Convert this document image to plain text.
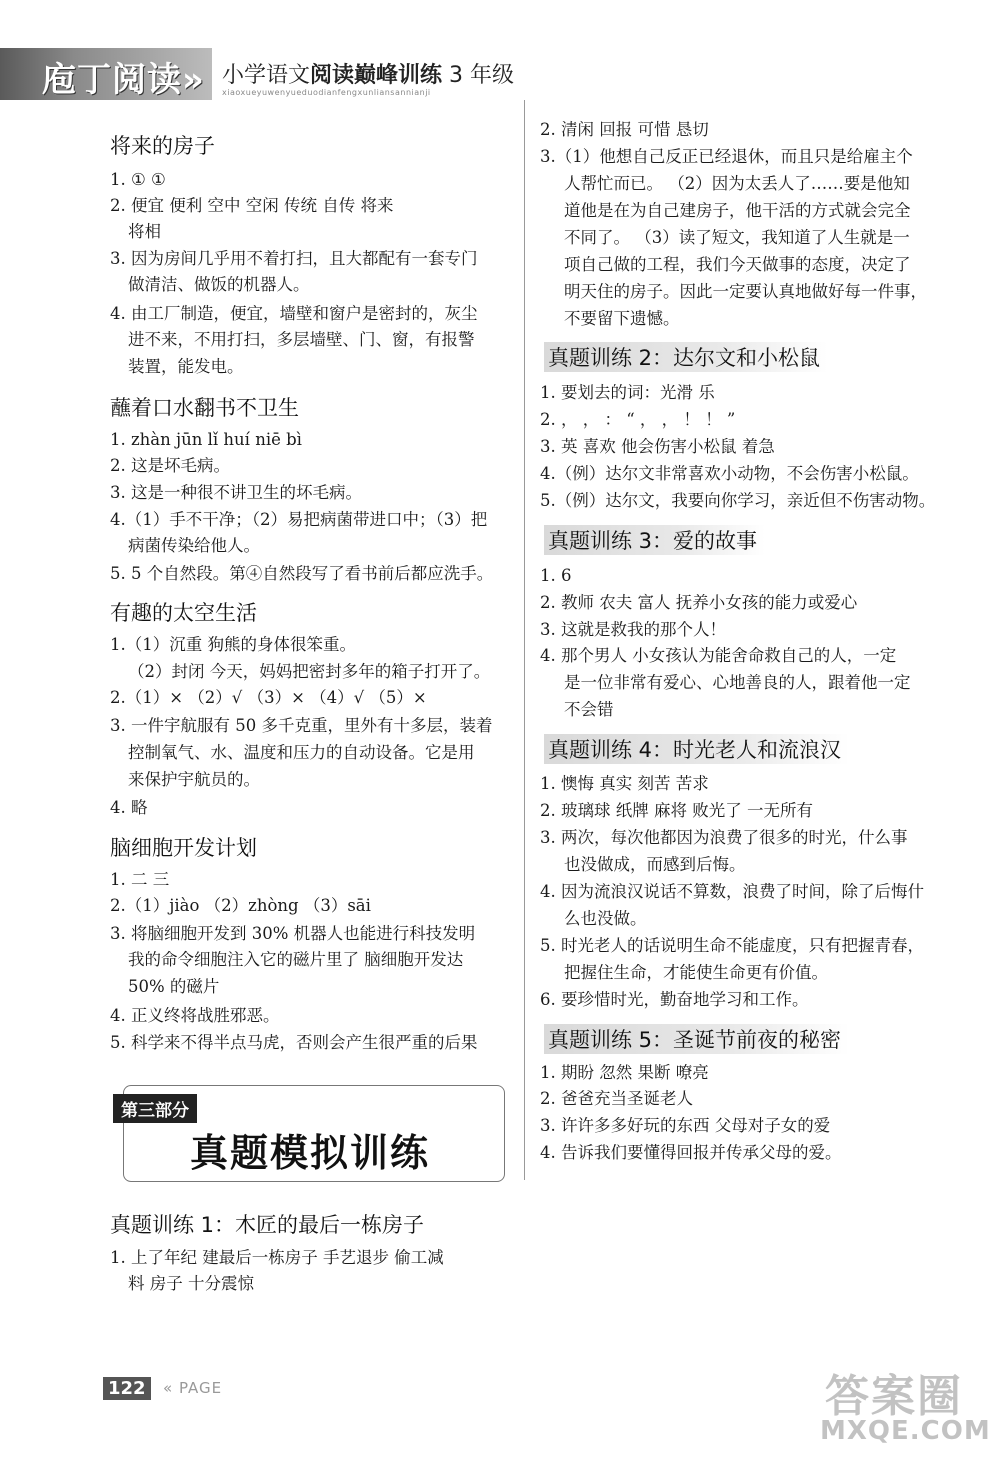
庖丁阅读» 小学语文阅读巅峰训练 3 年级
xiaoxueyuwenyueduodianfengxunliansannianji
将来的房子
1. ① ①
2. 便宜 便利 空中 空闲 传统 自传 将来
将相
3. 因为房间几乎用不着打扫，且大都配有一套专门
做清洁、做饭的机器人。
4. 由工厂制造，便宜，墙壁和窗户是密封的，灰尘
进不来，不用打扫，多层墙壁、门、窗，有报警
装置，能发电。
蘸着口水翻书不卫生
1. zhàn jūn lǐ huí niē bì
2. 这是坏毛病。
3. 这是一种很不讲卫生的坏毛病。
4.（1）手不干净；（2）易把病菌带进口中；（3）把
病菌传染给他人。
5. 5 个自然段。第④自然段写了看书前后都应洗手。
有趣的太空生活
1.（1）沉重 狗熊的身体很笨重。
（2）封闭 今天，妈妈把密封多年的箱子打开了。
2.（1）× （2）√ （3）× （4）√ （5）×
3. 一件宇航服有 50 多千克重，里外有十多层，装着
控制氧气、水、温度和压力的自动设备。它是用
来保护宇航员的。
4. 略
脑细胞开发计划
1. 二 三
2.（1）jiào （2）zhòng （3）sāi
3. 将脑细胞开发到 30% 机器人也能进行科技发明
我的命令细胞注入它的磁片里了 脑细胞开发达
50% 的磁片
4. 正义终将战胜邪恶。
5. 科学来不得半点马虎，否则会产生很严重的后果
第三部分
真题模拟训练
真题训练 1：木匠的最后一栋房子
1. 上了年纪 建最后一栋房子 手艺退步 偷工减
料 房子 十分震惊
2. 清闲 回报 可惜 恳切
3.（1）他想自己反正已经退休，而且只是给雇主个
人帮忙而已。 （2）因为太丢人了……要是他知
道他是在为自己建房子，他干活的方式就会完全
不同了。 （3）读了短文，我知道了人生就是一
项自己做的工程，我们今天做事的态度，决定了
明天住的房子。因此一定要认真地做好每一件事，
不要留下遗憾。
真题训练 2：达尔文和小松鼠
1. 要划去的词：光滑 乐
2. ， ， ： “ ， ， ！ ！ ”
3. 英 喜欢 他会伤害小松鼠 着急
4.（例）达尔文非常喜欢小动物，不会伤害小松鼠。
5.（例）达尔文，我要向你学习，亲近但不伤害动物。
真题训练 3：爱的故事
1. 6
2. 教师 农夫 富人 抚养小女孩的能力或爱心
3. 这就是救我的那个人！
4. 那个男人 小女孩认为能舍命救自己的人，一定
是一位非常有爱心、心地善良的人，跟着他一定
不会错
真题训练 4：时光老人和流浪汉
1. 懊悔 真实 刻苦 苦求
2. 玻璃球 纸牌 麻将 败光了 一无所有
3. 两次，每次他都因为浪费了很多的时光，什么事
也没做成，而感到后悔。
4. 因为流浪汉说话不算数，浪费了时间，除了后悔什
么也没做。
5. 时光老人的话说明生命不能虚度，只有把握青春，
把握住生命，才能使生命更有价值。
6. 要珍惜时光，勤奋地学习和工作。
真题训练 5：圣诞节前夜的秘密
1. 期盼 忽然 果断 嘹亮
2. 爸爸充当圣诞老人
3. 许许多多好玩的东西 父母对子女的爱
4. 告诉我们要懂得回报并传承父母的爱。
122	« PAGE	答案圈
MXQE.COM
